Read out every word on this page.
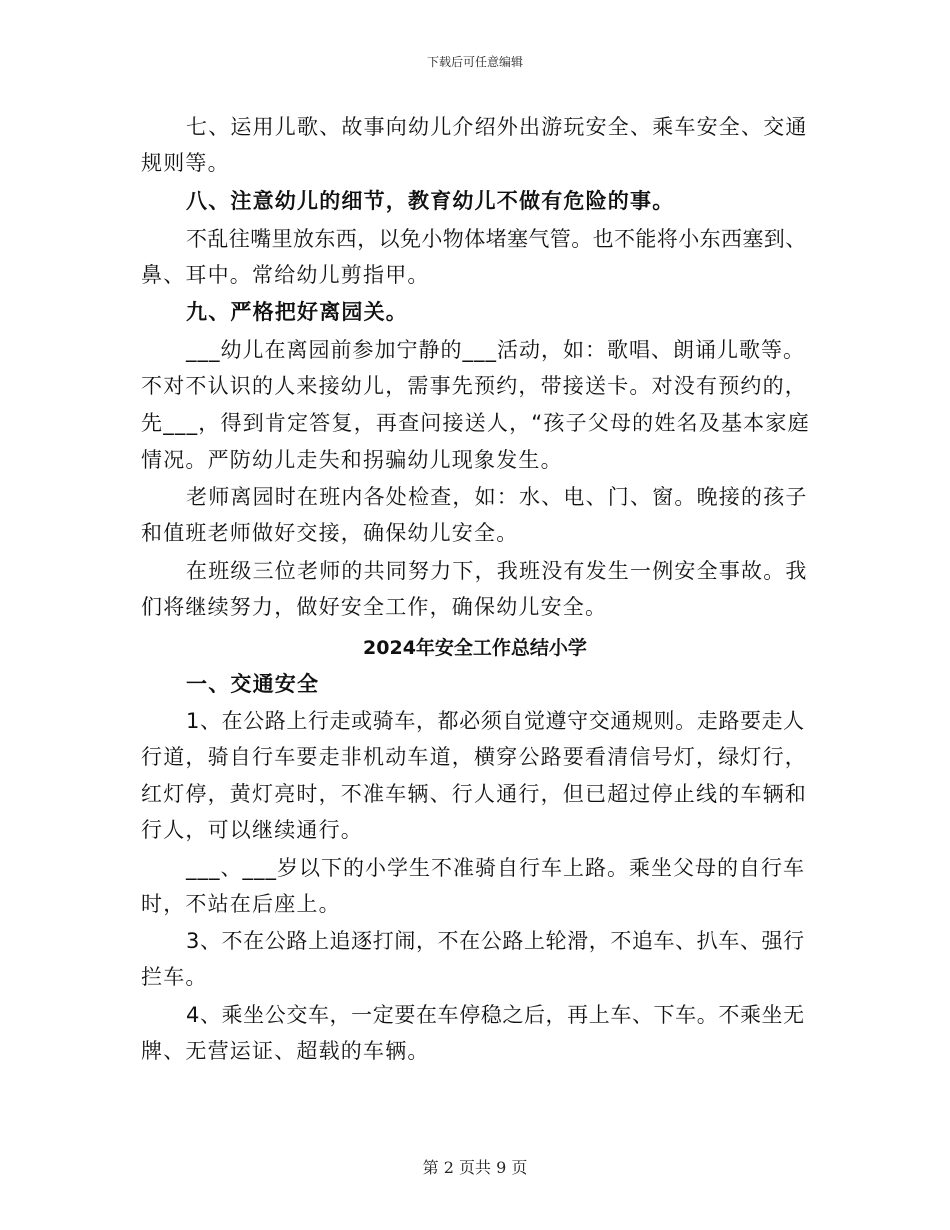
下载后可任意编辑
七、运用儿歌、故事向幼儿介绍外出游玩安全、乘车安全、交通
规则等。
八、注意幼儿的细节，教育幼儿不做有危险的事。
不乱往嘴里放东西，以免小物体堵塞气管。也不能将小东西塞到、
鼻、耳中。常给幼儿剪指甲。
九、严格把好离园关。
___幼儿在离园前参加宁静的___活动，如：歌唱、朗诵儿歌等。
不对不认识的人来接幼儿，需事先预约，带接送卡。对没有预约的，
先___，得到肯定答复，再查问接送人，“孩子父母的姓名及基本家庭
情况。严防幼儿走失和拐骗幼儿现象发生。
老师离园时在班内各处检查，如：水、电、门、窗。晚接的孩子
和值班老师做好交接，确保幼儿安全。
在班级三位老师的共同努力下，我班没有发生一例安全事故。我
们将继续努力，做好安全工作，确保幼儿安全。
2024年安全工作总结小学
一、交通安全
1、在公路上行走或骑车，都必须自觉遵守交通规则。走路要走人
行道，骑自行车要走非机动车道，横穿公路要看清信号灯，绿灯行，
红灯停，黄灯亮时，不准车辆、行人通行，但已超过停止线的车辆和
行人，可以继续通行。
___、___岁以下的小学生不准骑自行车上路。乘坐父母的自行车
时，不站在后座上。
3、不在公路上追逐打闹，不在公路上轮滑，不追车、扒车、强行
拦车。
4、乘坐公交车，一定要在车停稳之后，再上车、下车。不乘坐无
牌、无营运证、超载的车辆。
第 2 页共 9 页
